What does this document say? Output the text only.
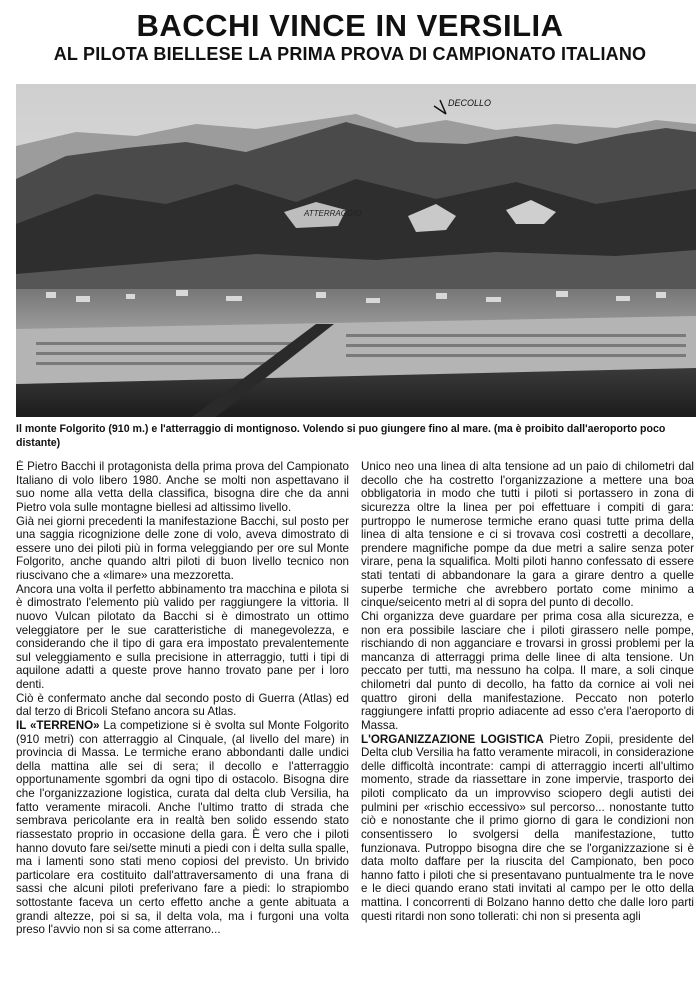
BACCHI VINCE IN VERSILIA
AL PILOTA BIELLESE LA PRIMA PROVA DI CAMPIONATO ITALIANO
DECOLLO
ATTERRAGGIO
Il monte Folgorito (910 m.) e l'atterraggio di montignoso. Volendo si puo giungere fino al mare. (ma è proibito dall'aeroporto poco distante)

È Pietro Bacchi il protagonista della prima prova del Campionato Italiano di volo libero 1980. Anche se molti non aspettavano il suo nome alla vetta della classifica, bisogna dire che da anni Pietro vola sulle montagne biellesi ad altissimo livello.

Già nei giorni precedenti la manifestazione Bacchi, sul posto per una saggia ricognizione delle zone di volo, aveva dimostrato di essere uno dei piloti più in forma veleggiando per ore sul Monte Folgorito, anche quando altri piloti di buon livello tecnico non riuscivano che a «limare» una mezzoretta.

Ancora una volta il perfetto abbinamento tra macchina e pilota si è dimostrato l'elemento più valido per raggiungere la vittoria. Il nuovo Vulcan pilotato da Bacchi si è dimostrato un ottimo veleggiatore per le sue caratteristiche di manegevolezza, e considerando che il tipo di gara era impostato prevalentemente sul veleggiamento e sulla precisione in atterraggio, tutti i tipi di aquilone adatti a queste prove hanno trovato pane per i loro denti.

Ciò è confermato anche dal secondo posto di Guerra (Atlas) ed dal terzo di Bricoli Stefano ancora su Atlas.

IL «TERRENO» La competizione si è svolta sul Monte Folgorito (910 metri) con atterraggio al Cinquale, (al livello del mare) in provincia di Massa. Le termiche erano abbondanti dalle undici della mattina alle sei di sera; il decollo e l'atterraggio opportunamente sgombri da ogni tipo di ostacolo. Bisogna dire che l'organizzazione logistica, curata dal delta club Versilia, ha fatto veramente miracoli. Anche l'ultimo tratto di strada che sembrava pericolante era in realtà ben solido essendo stato riassestato proprio in occasione della gara. È vero che i piloti hanno dovuto fare sei/sette minuti a piedi con i delta sulla spalle, ma i lamenti sono stati meno copiosi del previsto. Un brivido particolare era costituito dall'attraversamento di una frana di sassi che alcuni piloti preferivano fare a piedi: lo strapiombo sottostante faceva un certo effetto anche a gente abituata a grandi altezze, poi si sa, il delta vola, ma i furgoni una volta preso l'avvio non si sa come atterrano...

Unico neo una linea di alta tensione ad un paio di chilometri dal decollo che ha costretto l'organizzazione a mettere una boa obbligatoria in modo che tutti i piloti si portassero in zona di sicurezza oltre la linea per poi effettuare i compiti di gara: purtroppo le numerose termiche erano quasi tutte prima della linea di alta tensione e ci si trovava così costretti a decollare, prendere magnifiche pompe da due metri a salire senza poter virare, pena la squalifica. Molti piloti hanno confessato di essere stati tentati di abbandonare la gara a girare dentro a quelle superbe termiche che avrebbero portato come minimo a cinque/seicento metri al di sopra del punto di decollo.

Chi organizza deve guardare per prima cosa alla sicurezza, e non era possibile lasciare che i piloti girassero nelle pompe, rischiando di non agganciare e trovarsi in grossi problemi per la mancanza di atterraggi prima delle linee di alta tensione. Un peccato per tutti, ma nessuno ha colpa. Il mare, a soli cinque chilometri dal punto di decollo, ha fatto da cornice ai voli nei quattro gironi della manifestazione. Peccato non poterlo raggiungere infatti proprio adiacente ad esso c'era l'aeroporto di Massa.

L'ORGANIZZAZIONE LOGISTICA Pietro Zopii, presidente del Delta club Versilia ha fatto veramente miracoli, in considerazione delle difficoltà incontrate: campi di atterraggio incerti all'ultimo momento, strade da riassettare in zone impervie, trasporto dei piloti complicato da un improvviso sciopero degli autisti dei pulmini per «rischio eccessivo» sul percorso... nonostante tutto ciò e nonostante che il primo giorno di gara le condizioni non consentissero lo svolgersi della manifestazione, tutto funzionava. Putroppo bisogna dire che se l'organizzazione si è data molto daffare per la riuscita del Campionato, ben poco hanno fatto i piloti che si presentavano puntualmente tra le nove e le dieci quando erano stati invitati al campo per le otto della mattina. I concorrenti di Bolzano hanno detto che dalle loro parti questi ritardi non sono tollerati: chi non si presenta agli
